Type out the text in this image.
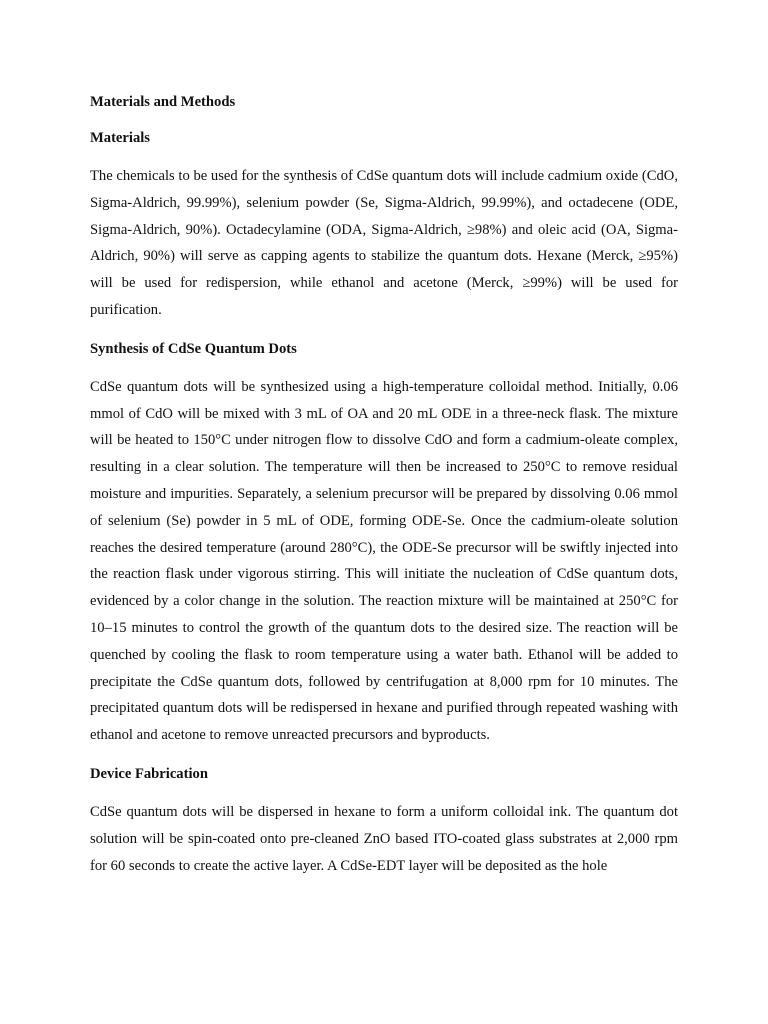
Materials and Methods
Materials

The chemicals to be used for the synthesis of CdSe quantum dots will include cadmium oxide (CdO, Sigma-Aldrich, 99.99%), selenium powder (Se, Sigma-Aldrich, 99.99%), and octadecene (ODE, Sigma-Aldrich, 90%). Octadecylamine (ODA, Sigma-Aldrich, ≥98%) and oleic acid (OA, Sigma-Aldrich, 90%) will serve as capping agents to stabilize the quantum dots. Hexane (Merck, ≥95%) will be used for redispersion, while ethanol and acetone (Merck, ≥99%) will be used for purification.

Synthesis of CdSe Quantum Dots

CdSe quantum dots will be synthesized using a high-temperature colloidal method. Initially, 0.06 mmol of CdO will be mixed with 3 mL of OA and 20 mL ODE in a three-neck flask. The mixture will be heated to 150°C under nitrogen flow to dissolve CdO and form a cadmium-oleate complex, resulting in a clear solution. The temperature will then be increased to 250°C to remove residual moisture and impurities. Separately, a selenium precursor will be prepared by dissolving 0.06 mmol of selenium (Se) powder in 5 mL of ODE, forming ODE-Se. Once the cadmium-oleate solution reaches the desired temperature (around 280°C), the ODE-Se precursor will be swiftly injected into the reaction flask under vigorous stirring. This will initiate the nucleation of CdSe quantum dots, evidenced by a color change in the solution. The reaction mixture will be maintained at 250°C for 10–15 minutes to control the growth of the quantum dots to the desired size. The reaction will be quenched by cooling the flask to room temperature using a water bath. Ethanol will be added to precipitate the CdSe quantum dots, followed by centrifugation at 8,000 rpm for 10 minutes. The precipitated quantum dots will be redispersed in hexane and purified through repeated washing with ethanol and acetone to remove unreacted precursors and byproducts.

Device Fabrication

CdSe quantum dots will be dispersed in hexane to form a uniform colloidal ink. The quantum dot solution will be spin-coated onto pre-cleaned ZnO based ITO-coated glass substrates at 2,000 rpm for 60 seconds to create the active layer. A CdSe-EDT layer will be deposited as the hole
